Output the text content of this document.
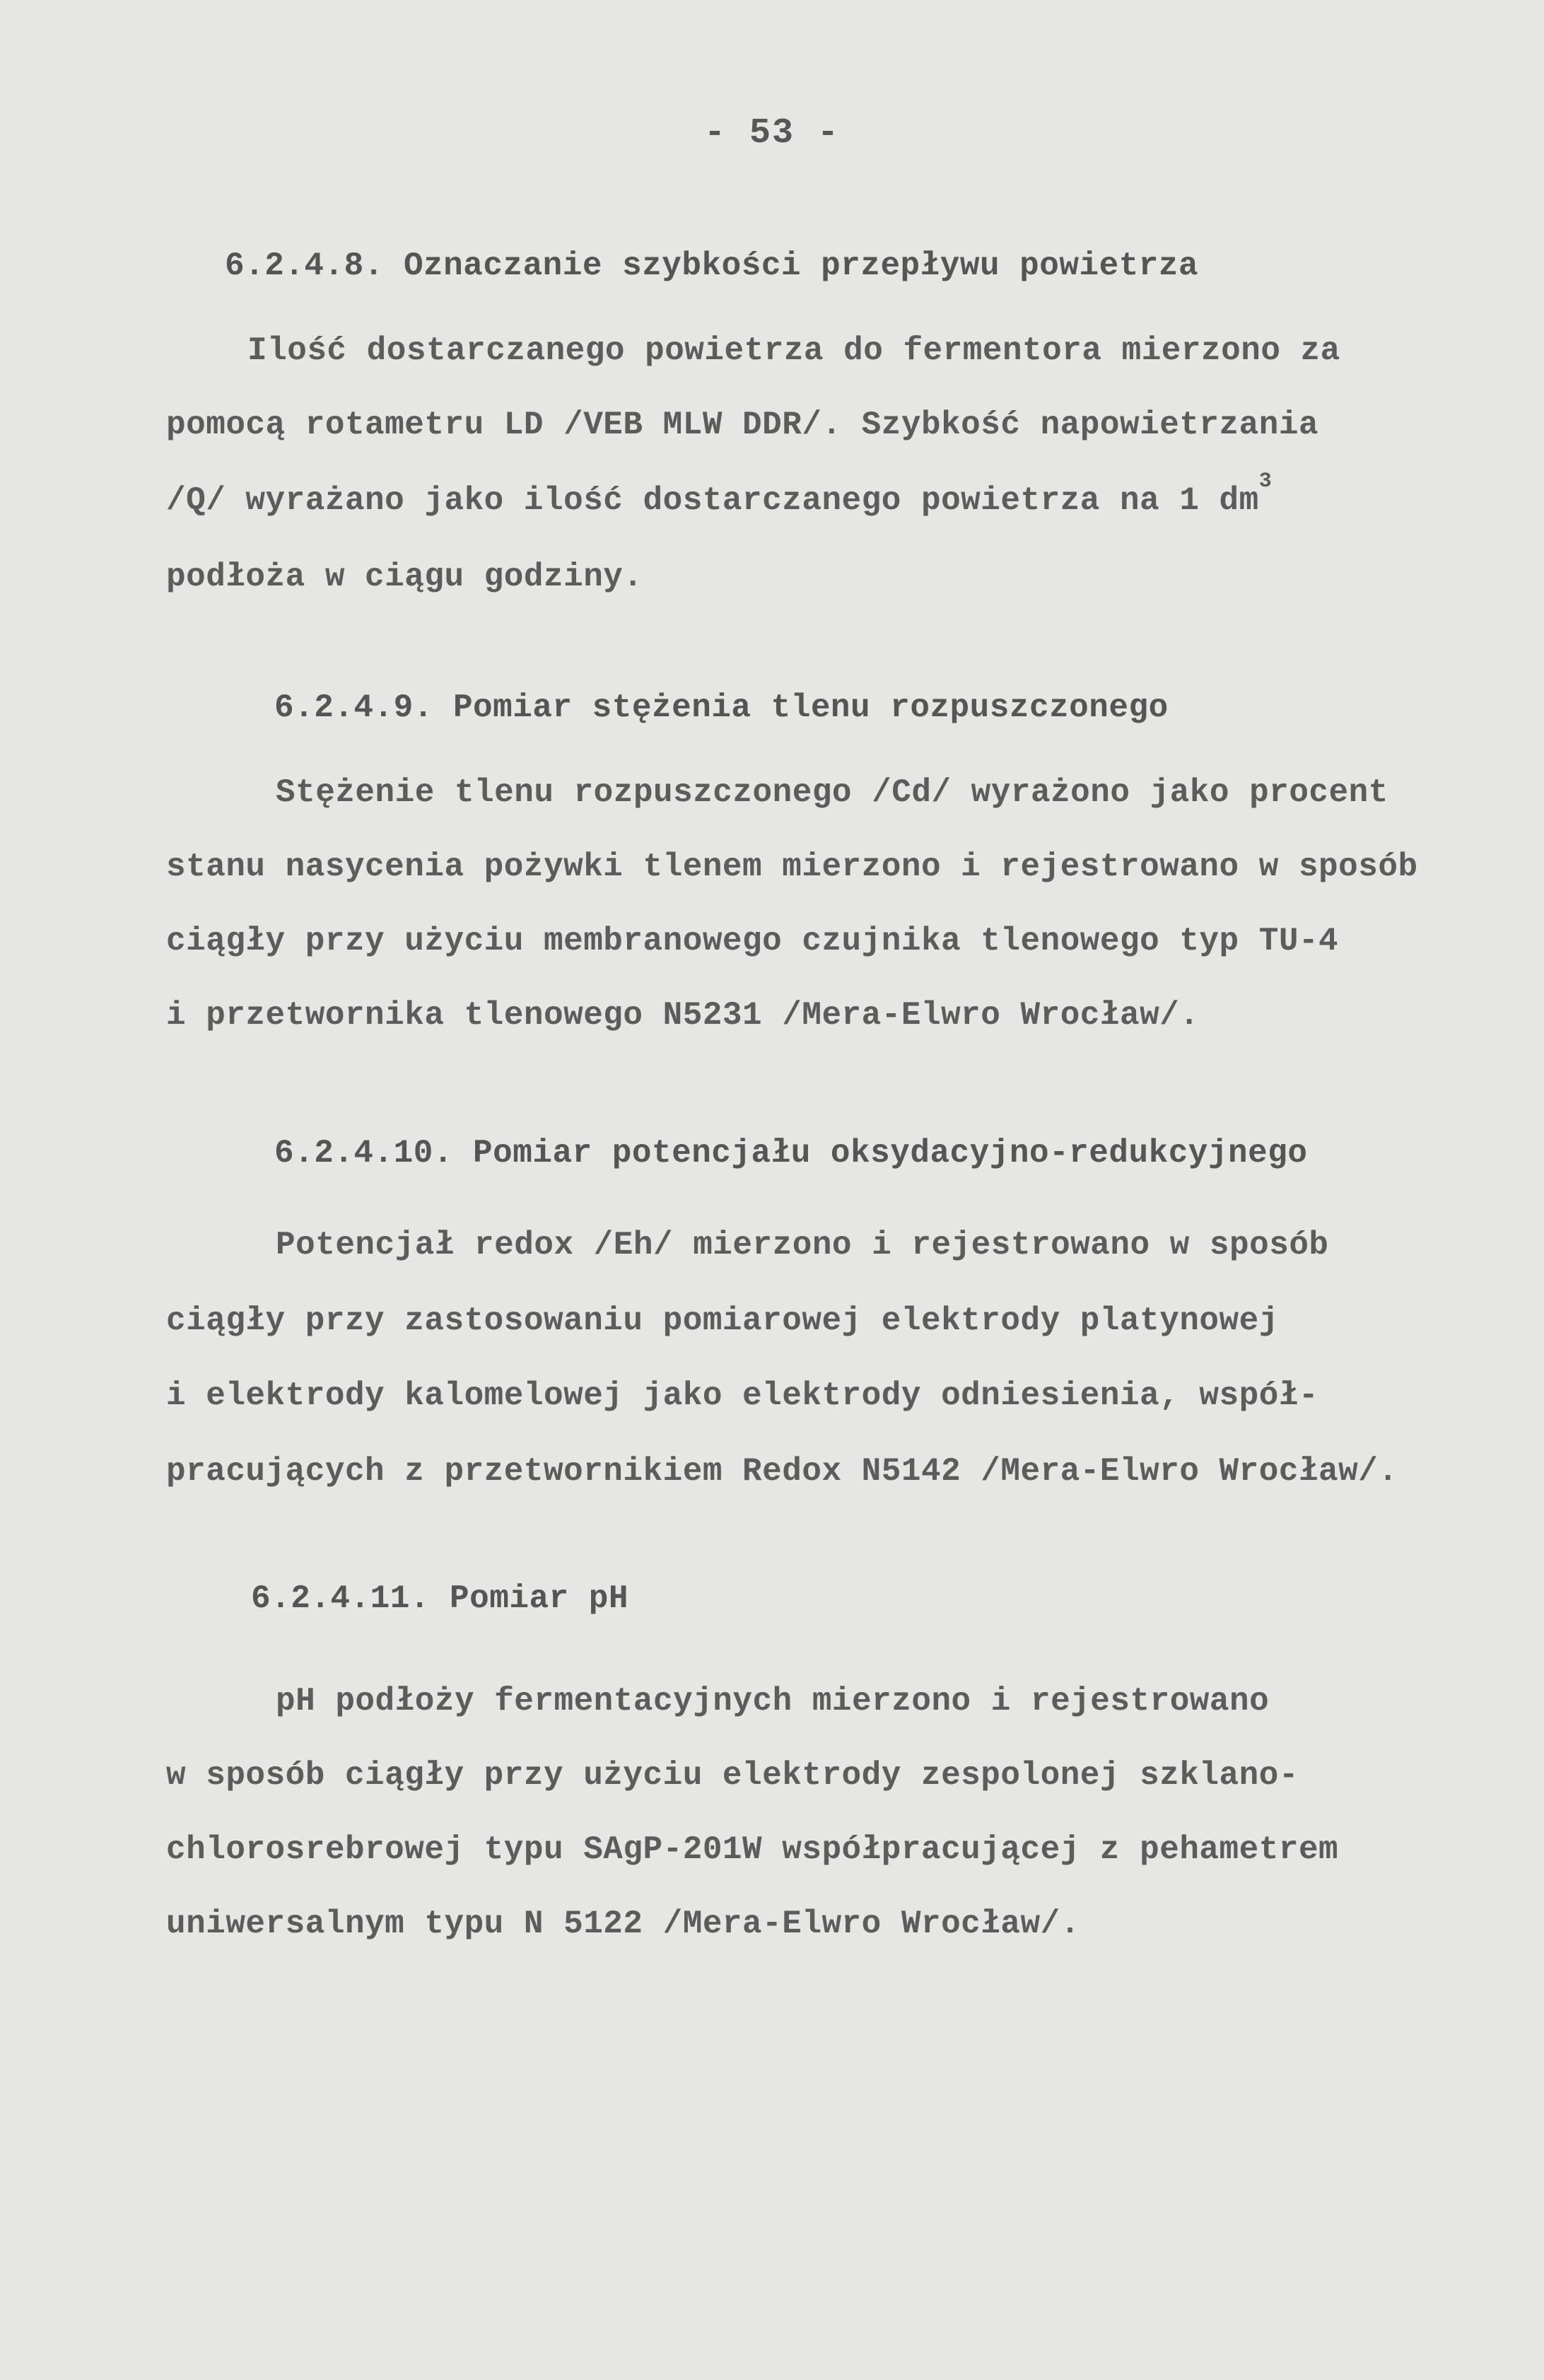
- 53 -
6.2.4.8. Oznaczanie szybkości przepływu powietrza
Ilość dostarczanego powietrza do fermentora mierzono za
pomocą rotametru LD /VEB MLW DDR/. Szybkość napowietrzania
/Q/ wyrażano jako ilość dostarczanego powietrza na 1 $dm^3$
podłoża w ciągu godziny.
6.2.4.9. Pomiar stężenia tlenu rozpuszczonego
Stężenie tlenu rozpuszczonego /Cd/ wyrażono jako procent
stanu nasycenia pożywki tlenem mierzono i rejestrowano w sposób
ciągły przy użyciu membranowego czujnika tlenowego typ TU-4
i przetwornika tlenowego N5231 /Mera-Elwro Wrocław/.
6.2.4.10. Pomiar potencjału oksydacyjno-redukcyjnego
Potencjał redox /Eh/ mierzono i rejestrowano w sposób
ciągły przy zastosowaniu pomiarowej elektrody platynowej
i elektrody kalomelowej jako elektrody odniesienia, współ-
pracujących z przetwornikiem Redox N5142 /Mera-Elwro Wrocław/.
6.2.4.11. Pomiar pH
pH podłoży fermentacyjnych mierzono i rejestrowano
w sposób ciągły przy użyciu elektrody zespolonej szklano-
chlorosrebrowej typu SAgP-201W współpracującej z pehametrem
uniwersalnym typu N 5122 /Mera-Elwro Wrocław/.
